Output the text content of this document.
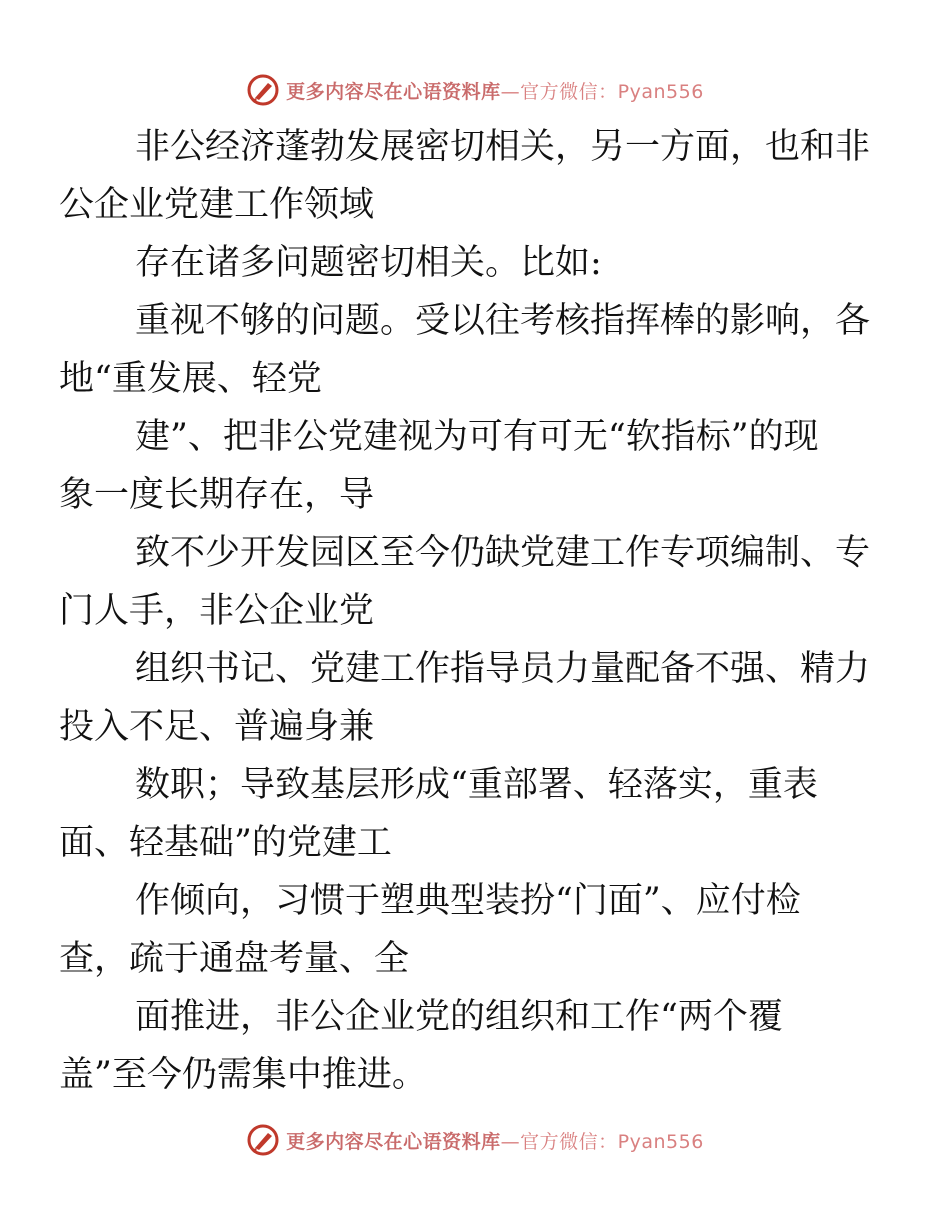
更多内容尽在心语资料库—官方微信：Pyan556

非公经济蓬勃发展密切相关，另一方面，也和非
公企业党建工作领域

存在诸多问题密切相关。比如:

重视不够的问题。受以往考核指挥棒的影响，各
地“重发展、轻党

建”、把非公党建视为可有可无“软指标”的现
象一度长期存在，导

致不少开发园区至今仍缺党建工作专项编制、专
门人手，非公企业党

组织书记、党建工作指导员力量配备不强、精力
投入不足、普遍身兼

数职；导致基层形成“重部署、轻落实，重表
面、轻基础”的党建工

作倾向，习惯于塑典型装扮“门面”、应付检
查，疏于通盘考量、全

面推进，非公企业党的组织和工作“两个覆
盖”至今仍需集中推进。

更多内容尽在心语资料库—官方微信：Pyan556
